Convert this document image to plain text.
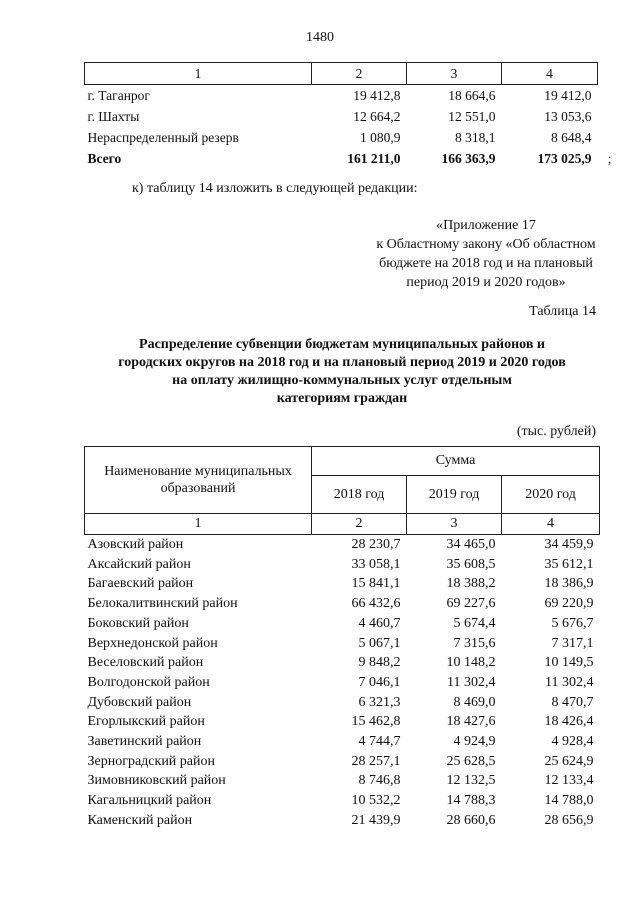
1480
1	2	3	4
г. Таганрог	19 412,8	18 664,6	19 412,0
г. Шахты	12 664,2	12 551,0	13 053,6
Нераспределенный резерв	1 080,9	8 318,1	8 648,4
Всего	161 211,0	166 363,9	173 025,9 ;
к) таблицу 14 изложить в следующей редакции:
«Приложение 17
к Областному закону «Об областном
бюджете на 2018 год и на плановый
период 2019 и 2020 годов»
Таблица 14
Распределение субвенции бюджетам муниципальных районов и
городских округов на 2018 год и на плановый период 2019 и 2020 годов
на оплату жилищно-коммунальных услуг отдельным
категориям граждан
(тыс. рублей)
Наименование муниципальных образований	Сумма		
	2018 год	2019 год	2020 год
1	2	3	4
Азовский район	28 230,7	34 465,0	34 459,9
Аксайский район	33 058,1	35 608,5	35 612,1
Багаевский район	15 841,1	18 388,2	18 386,9
Белокалитвинский район	66 432,6	69 227,6	69 220,9
Боковский район	4 460,7	5 674,4	5 676,7
Верхнедонской район	5 067,1	7 315,6	7 317,1
Веселовский район	9 848,2	10 148,2	10 149,5
Волгодонской район	7 046,1	11 302,4	11 302,4
Дубовский район	6 321,3	8 469,0	8 470,7
Егорлыкский район	15 462,8	18 427,6	18 426,4
Заветинский район	4 744,7	4 924,9	4 928,4
Зерноградский район	28 257,1	25 628,5	25 624,9
Зимовниковский район	8 746,8	12 132,5	12 133,4
Кагальницкий район	10 532,2	14 788,3	14 788,0
Каменский район	21 439,9	28 660,6	28 656,9
